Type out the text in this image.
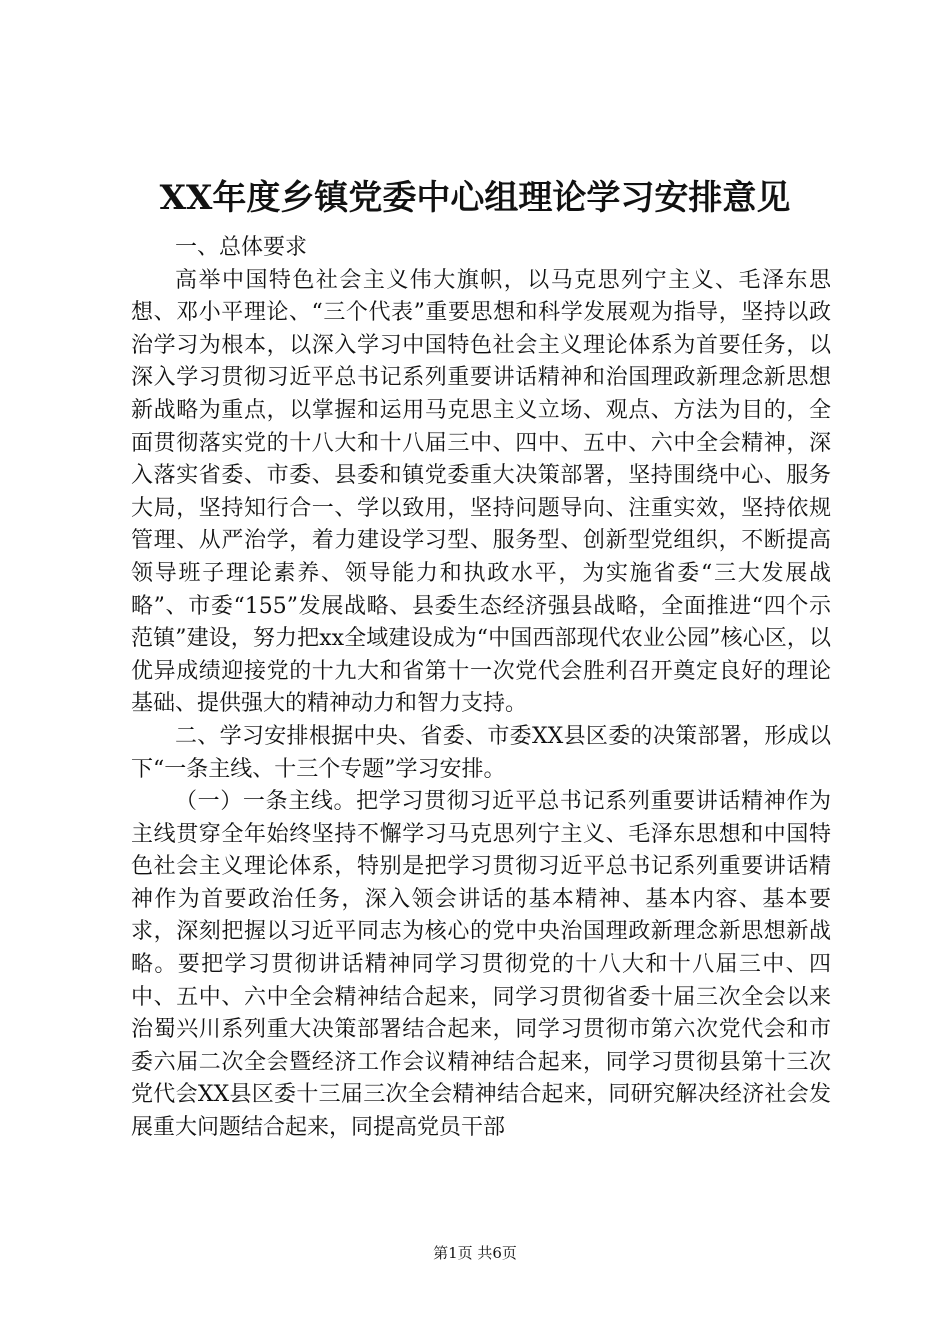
XX年度乡镇党委中心组理论学习安排意见

一、总体要求

高举中国特色社会主义伟大旗帜，以马克思列宁主义、毛泽东思想、邓小平理论、“三个代表”重要思想和科学发展观为指导，坚持以政治学习为根本，以深入学习中国特色社会主义理论体系为首要任务，以深入学习贯彻习近平总书记系列重要讲话精神和治国理政新理念新思想新战略为重点，以掌握和运用马克思主义立场、观点、方法为目的，全面贯彻落实党的十八大和十八届三中、四中、五中、六中全会精神，深入落实省委、市委、县委和镇党委重大决策部署，坚持围绕中心、服务大局，坚持知行合一、学以致用，坚持问题导向、注重实效，坚持依规管理、从严治学，着力建设学习型、服务型、创新型党组织，不断提高领导班子理论素养、领导能力和执政水平，为实施省委“三大发展战略”、市委“155”发展战略、县委生态经济强县战略，全面推进“四个示范镇”建设，努力把xx全域建设成为“中国西部现代农业公园”核心区，以优异成绩迎接党的十九大和省第十一次党代会胜利召开奠定良好的理论基础、提供强大的精神动力和智力支持。

二、学习安排根据中央、省委、市委XX县区委的决策部署，形成以下“一条主线、十三个专题”学习安排。

（一）一条主线。把学习贯彻习近平总书记系列重要讲话精神作为主线贯穿全年始终坚持不懈学习马克思列宁主义、毛泽东思想和中国特色社会主义理论体系，特别是把学习贯彻习近平总书记系列重要讲话精神作为首要政治任务，深入领会讲话的基本精神、基本内容、基本要求，深刻把握以习近平同志为核心的党中央治国理政新理念新思想新战略。要把学习贯彻讲话精神同学习贯彻党的十八大和十八届三中、四中、五中、六中全会精神结合起来，同学习贯彻省委十届三次全会以来治蜀兴川系列重大决策部署结合起来，同学习贯彻市第六次党代会和市委六届二次全会暨经济工作会议精神结合起来，同学习贯彻县第十三次党代会XX县区委十三届三次全会精神结合起来，同研究解决经济社会发展重大问题结合起来，同提高党员干部

第1页 共6页
